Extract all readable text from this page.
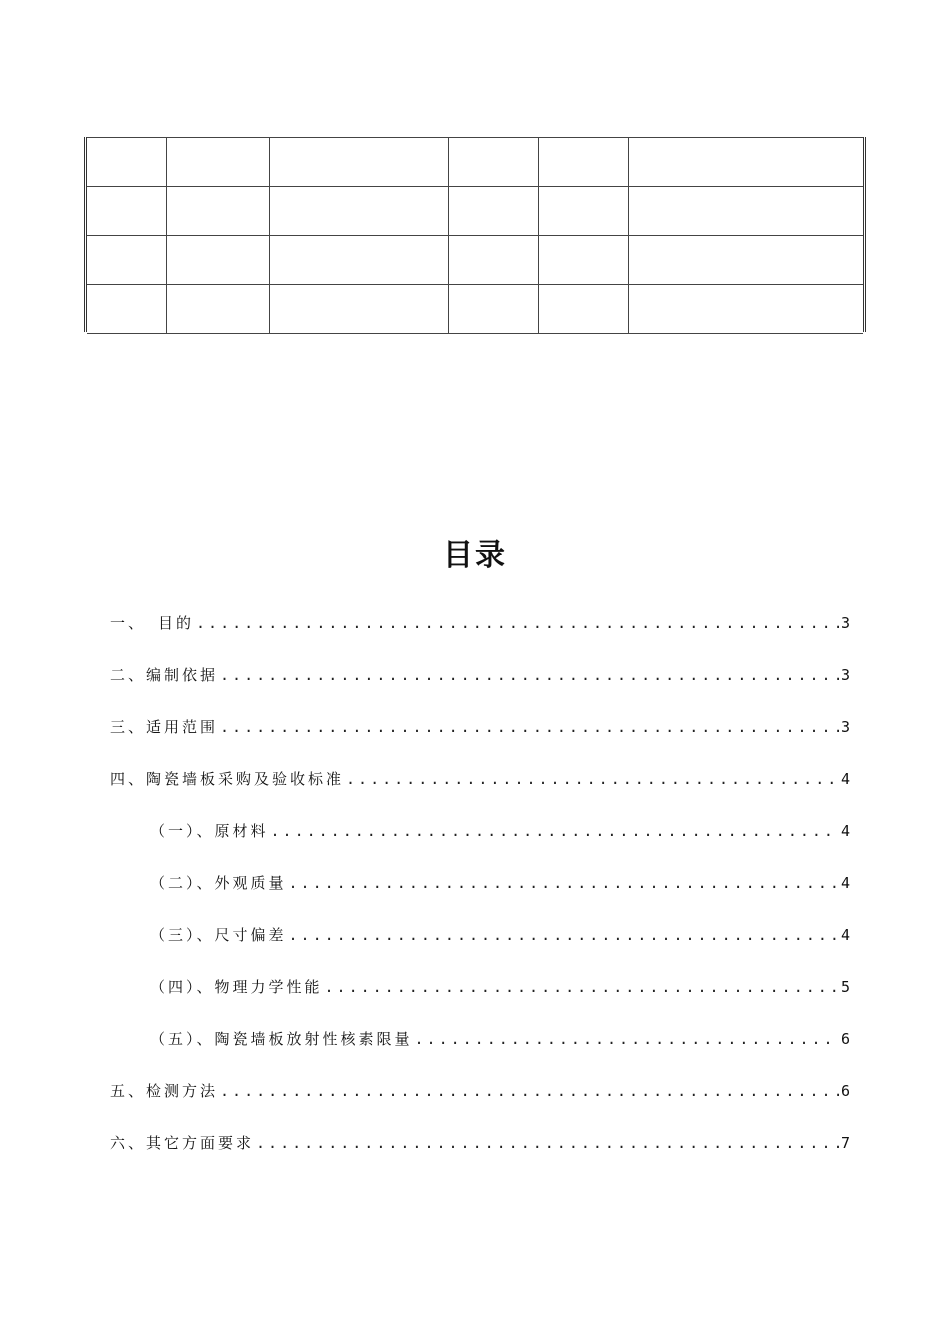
目录
一、 目的 .....	3
二、编制依据 .....	3
三、适用范围 .....	3
四、陶瓷墙板采购及验收标准 .....	4
（一）、原材料 .....	4
（二）、外观质量 .....	4
（三）、尺寸偏差 .....	4
（四）、物理力学性能 .....	5
（五）、陶瓷墙板放射性核素限量 .....	6
五、检测方法 .....	6
六、其它方面要求 .....	7
